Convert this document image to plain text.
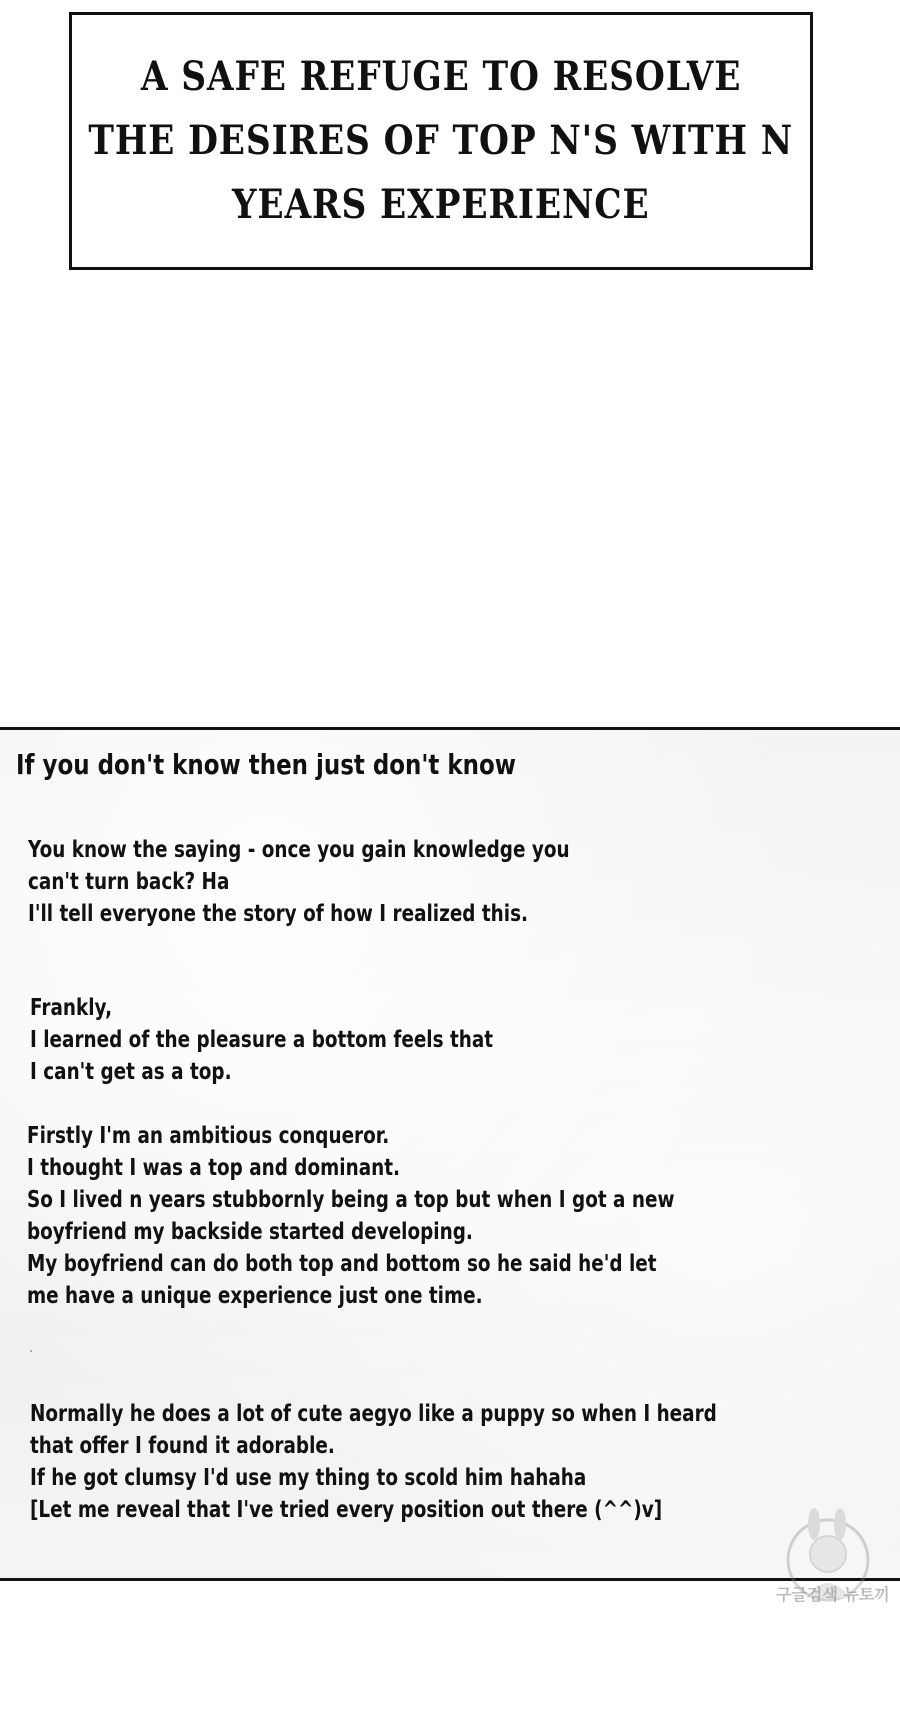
A SAFE REFUGE TO RESOLVE
THE DESIRES OF TOP N'S WITH N
YEARS EXPERIENCE
If you don't know then just don't know
You know the saying - once you gain knowledge you
can't turn back? Ha
I'll tell everyone the story of how I realized this.
Frankly,
I learned of the pleasure a bottom feels that
I can't get as a top.
Firstly I'm an ambitious conqueror.
I thought I was a top and dominant.
So I lived n years stubbornly being a top but when I got a new
boyfriend my backside started developing.
My boyfriend can do both top and bottom so he said he'd let
me have a unique experience just one time.
Normally he does a lot of cute aegyo like a puppy so when I heard
that offer I found it adorable.
If he got clumsy I'd use my thing to scold him hahaha
[Let me reveal that I've tried every position out there (^^)v]
구글검색 뉴토끼
